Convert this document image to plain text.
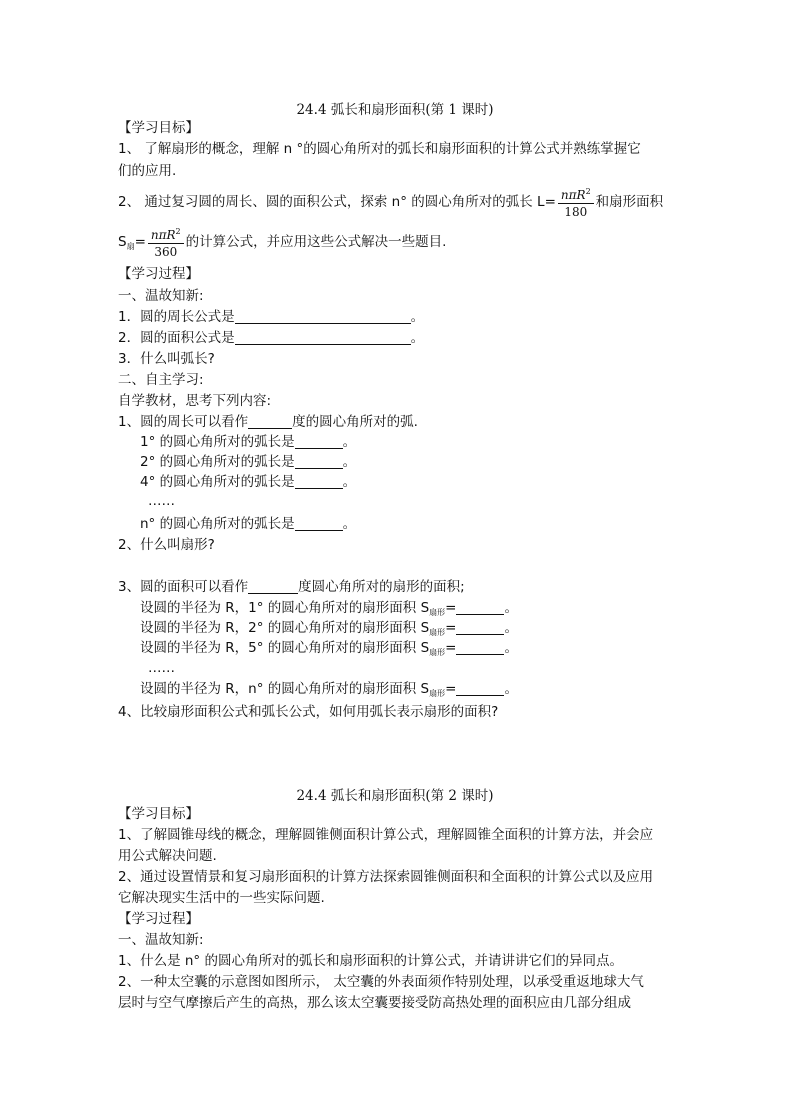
24.4 弧长和扇形面积(第 1 课时)
【学习目标】
1、 了解扇形的概念，理解 n °的圆心角所对的弧长和扇形面积的计算公式并熟练掌握它
们的应用.
2、 通过复习圆的周长、圆的面积公式，探索 n° 的圆心角所对的弧长 $L= \frac{n\pi R^2}{180}$ 和扇形面积
$S_扇= \frac{n\pi R^2}{360}$ 的计算公式，并应用这些公式解决一些题目.
【学习过程】
一、温故知新:
1．圆的周长公式是	。
2．圆的面积公式是	。
3．什么叫弧长?
二、自主学习:
自学教材，思考下列内容:
1、圆的周长可以看作	度的圆心角所对的弧.
1° 的圆心角所对的弧长是	。
2° 的圆心角所对的弧长是	。
4° 的圆心角所对的弧长是	。
……
n° 的圆心角所对的弧长是	。
2、什么叫扇形?
3、圆的面积可以看作	度圆心角所对的扇形的面积;
设圆的半径为 R，1° 的圆心角所对的扇形面积 $S_{扇形}=$	。
设圆的半径为 R，2° 的圆心角所对的扇形面积 $S_{扇形}=$	。
设圆的半径为 R，5° 的圆心角所对的扇形面积 $S_{扇形}=$	。
……
设圆的半径为 R，n° 的圆心角所对的扇形面积 $S_{扇形}=$	。
4、比较扇形面积公式和弧长公式，如何用弧长表示扇形的面积?
24.4 弧长和扇形面积(第 2 课时)
【学习目标】
1、了解圆锥母线的概念，理解圆锥侧面积计算公式，理解圆锥全面积的计算方法，并会应
用公式解决问题.
2、通过设置情景和复习扇形面积的计算方法探索圆锥侧面积和全面积的计算公式以及应用
它解决现实生活中的一些实际问题.
【学习过程】
一、温故知新:
1、什么是 n° 的圆心角所对的弧长和扇形面积的计算公式，并请讲讲它们的异同点。
2、一种太空囊的示意图如图所示， 太空囊的外表面须作特别处理，以承受重返地球大气
层时与空气摩擦后产生的高热，那么该太空囊要接受防高热处理的面积应由几部分组成
